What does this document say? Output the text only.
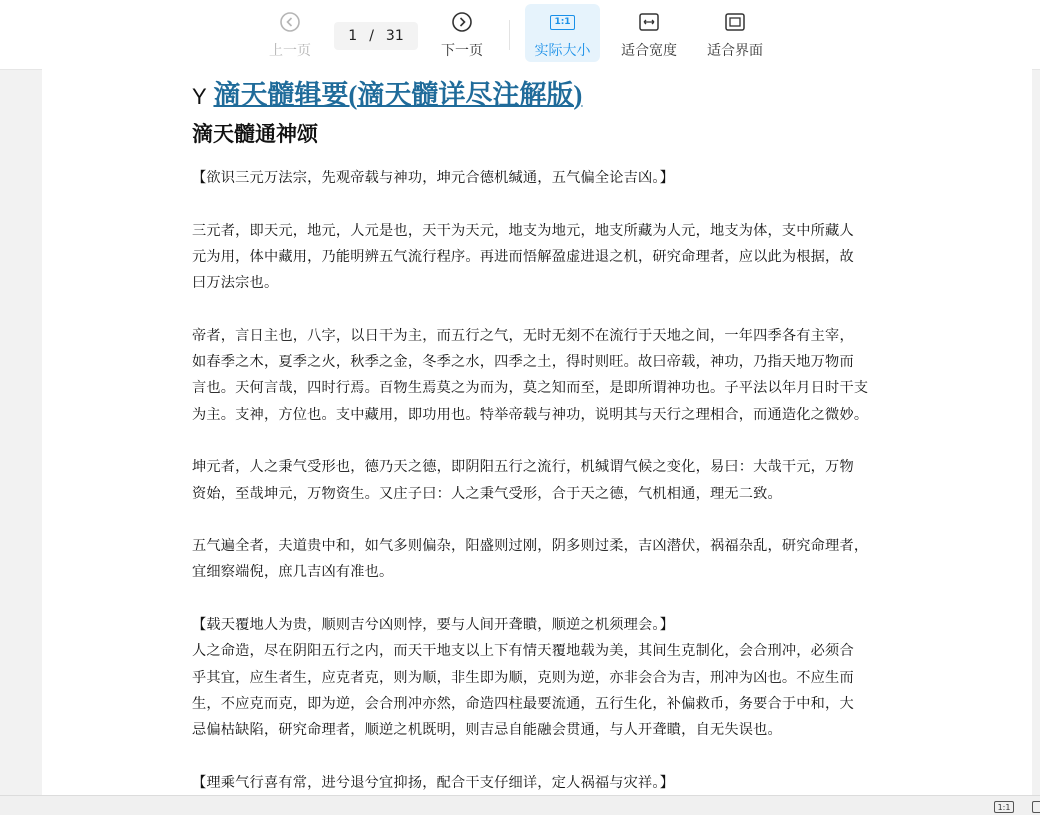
上一页
1 / 31
下一页
1:1
实际大小 适合宽度 适合界面
Y 滴天髓辑要(滴天髓详尽注解版)
滴天髓通神颂

【欲识三元万法宗，先观帝载与神功，坤元合德机缄通，五气偏全论吉凶。】

三元者，即天元，地元，人元是也，天干为天元，地支为地元，地支所藏为人元，地支为体，支中所藏人

元为用，体中藏用，乃能明辨五气流行程序。再进而悟解盈虚进退之机，研究命理者，应以此为根据，故

曰万法宗也。

帝者，言日主也，八字，以日干为主，而五行之气，无时无刻不在流行于天地之间，一年四季各有主宰，

如春季之木，夏季之火，秋季之金，冬季之水，四季之土，得时则旺。故曰帝载，神功，乃指天地万物而

言也。天何言哉，四时行焉。百物生焉莫之为而为，莫之知而至，是即所谓神功也。子平法以年月日时干支

为主。支神，方位也。支中藏用，即功用也。特举帝载与神功，说明其与天行之理相合，而通造化之微妙。

坤元者，人之秉气受形也，德乃天之德，即阴阳五行之流行，机缄谓气候之变化，易曰：大哉干元，万物

资始，至哉坤元，万物资生。又庄子曰：人之秉气受形，合于天之德，气机相通，理无二致。

五气遍全者，夫道贵中和，如气多则偏杂，阳盛则过刚，阴多则过柔，吉凶潜伏，祸福杂乱，研究命理者，

宜细察端倪，庶几吉凶有准也。

【载天覆地人为贵，顺则吉兮凶则悖，要与人间开聋瞶，顺逆之机须理会。】

人之命造，尽在阴阳五行之内，而天干地支以上下有情天覆地载为美，其间生克制化，会合刑冲，必须合

乎其宜，应生者生，应克者克，则为顺，非生即为顺，克则为逆，亦非会合为吉，刑冲为凶也。不应生而

生，不应克而克，即为逆，会合刑冲亦然，命造四柱最要流通，五行生化，补偏救币，务要合于中和，大

忌偏枯缺陷，研究命理者，顺逆之机既明，则吉忌自能融会贯通，与人开聋瞶，自无失误也。

【理乘气行喜有常，进兮退兮宜抑扬，配合干支仔细详，定人祸福与灾祥。】

1:1
